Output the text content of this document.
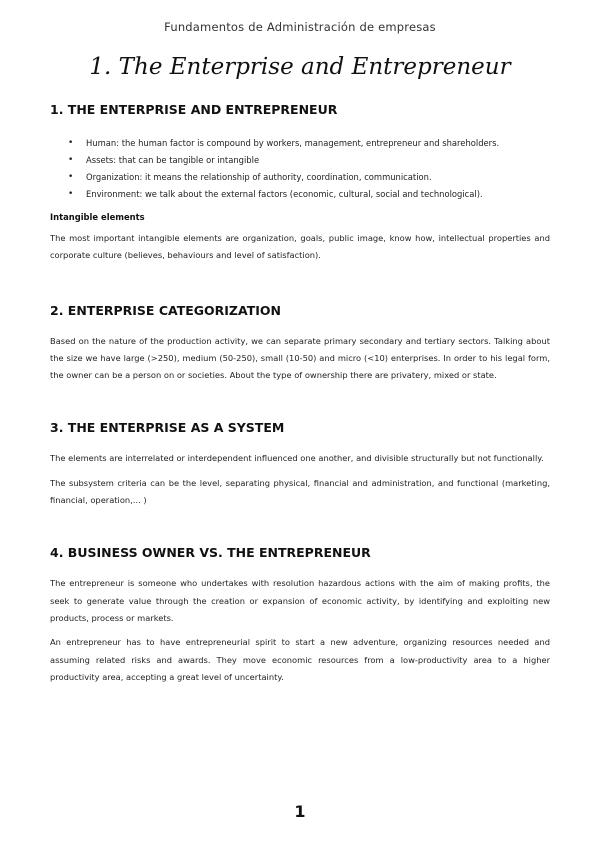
Fundamentos de Administración de empresas
1. The Enterprise and Entrepreneur
1. THE ENTERPRISE AND ENTREPRENEUR
• Human: the human factor is compound by workers, management, entrepreneur and shareholders.
• Assets: that can be tangible or intangible
• Organization: it means the relationship of authority, coordination, communication.
• Environment: we talk about the external factors (economic, cultural, social and technological).
Intangible elements

The most important intangible elements are organization, goals, public image, know how, intellectual properties and corporate culture (believes, behaviours and level of satisfaction).

2. ENTERPRISE CATEGORIZATION

Based on the nature of the production activity, we can separate primary secondary and tertiary sectors. Talking about the size we have large (>250), medium (50-250), small (10-50) and micro (<10) enterprises. In order to his legal form, the owner can be a person on or societies. About the type of ownership there are privatery, mixed or state.

3. THE ENTERPRISE AS A SYSTEM

The elements are interrelated or interdependent influenced one another, and divisible structurally but not functionally.

The subsystem criteria can be the level, separating physical, financial and administration, and functional (marketing, financial, operation,... )

4. BUSINESS OWNER VS. THE ENTREPRENEUR

The entrepreneur is someone who undertakes with resolution hazardous actions with the aim of making profits, the seek to generate value through the creation or expansion of economic activity, by identifying and exploiting new products, process or markets.

An entrepreneur has to have entrepreneurial spirit to start a new adventure, organizing resources needed and assuming related risks and awards. They move economic resources from a low-productivity area to a higher productivity area, accepting a great level of uncertainty.

1
